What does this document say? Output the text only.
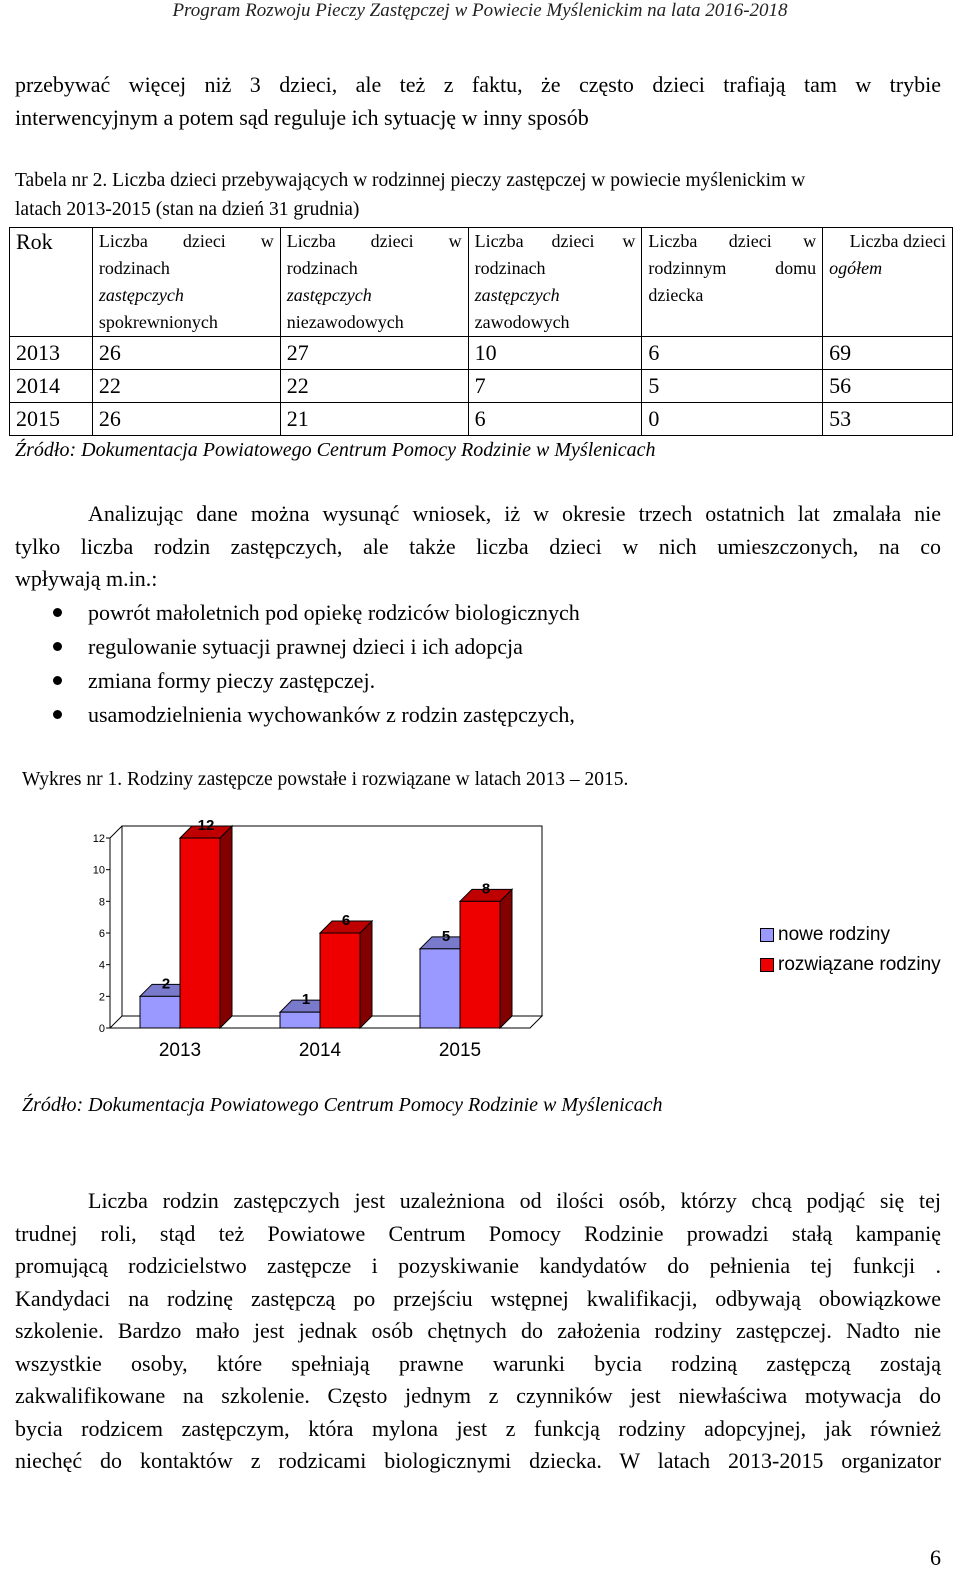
Program Rozwoju Pieczy Zastępczej w Powiecie Myślenickim na lata 2016-2018
przebywać więcej niż 3 dzieci, ale też z faktu, że często dzieci trafiają tam w trybie
interwencyjnym a potem sąd reguluje ich sytuację w inny sposób
Tabela nr 2. Liczba dzieci przebywających w rodzinnej pieczy zastępczej w powiecie myślenickim w
latach 2013-2015 (stan na dzień 31 grudnia)
Rok	Liczba dzieci w
rodzinach
zastępczych
spokrewnionych	Liczba dzieci w
rodzinach
zastępczych
niezawodowych	Liczba dzieci w
rodzinach
zastępczych
zawodowych	Liczba dzieci w
rodzinnym domu
dziecka	Liczba dzieci
ogółem

2013	26	27	10	6	69
2014	22	22	7	5	56
2015	26	21	6	0	53
Źródło: Dokumentacja Powiatowego Centrum Pomocy Rodzinie w Myślenicach
Analizując dane można wysunąć wniosek, iż w okresie trzech ostatnich lat zmalała nie
tylko liczba rodzin zastępczych, ale także liczba dzieci w nich umieszczonych, na co
wpływają m.in.:
powrót małoletnich pod opiekę rodziców biologicznych
regulowanie sytuacji prawnej dzieci i ich adopcja
zmiana formy pieczy zastępczej.
usamodzielnienia wychowanków z rodzin zastępczych,
Wykres nr 1. Rodziny zastępcze powstałe i rozwiązane w latach 2013 – 2015.
0
2
4
6
8
10
12
2
12
2013
1
6
2014
5
8
2015
nowe rodziny
rozwiązane rodziny
Źródło: Dokumentacja Powiatowego Centrum Pomocy Rodzinie w Myślenicach
Liczba rodzin zastępczych jest uzależniona od ilości osób, którzy chcą podjąć się tej
trudnej roli, stąd też Powiatowe Centrum Pomocy Rodzinie prowadzi stałą kampanię
promującą rodzicielstwo zastępcze i pozyskiwanie kandydatów do pełnienia tej funkcji .
Kandydaci na rodzinę zastępczą po przejściu wstępnej kwalifikacji, odbywają obowiązkowe
szkolenie. Bardzo mało jest jednak osób chętnych do założenia rodziny zastępczej. Nadto nie
wszystkie osoby, które spełniają prawne warunki bycia rodziną zastępczą zostają
zakwalifikowane na szkolenie. Często jednym z czynników jest niewłaściwa motywacja do
bycia rodzicem zastępczym, która mylona jest z funkcją rodziny adopcyjnej, jak również
niechęć do kontaktów z rodzicami biologicznymi dziecka. W latach 2013-2015 organizator
6
